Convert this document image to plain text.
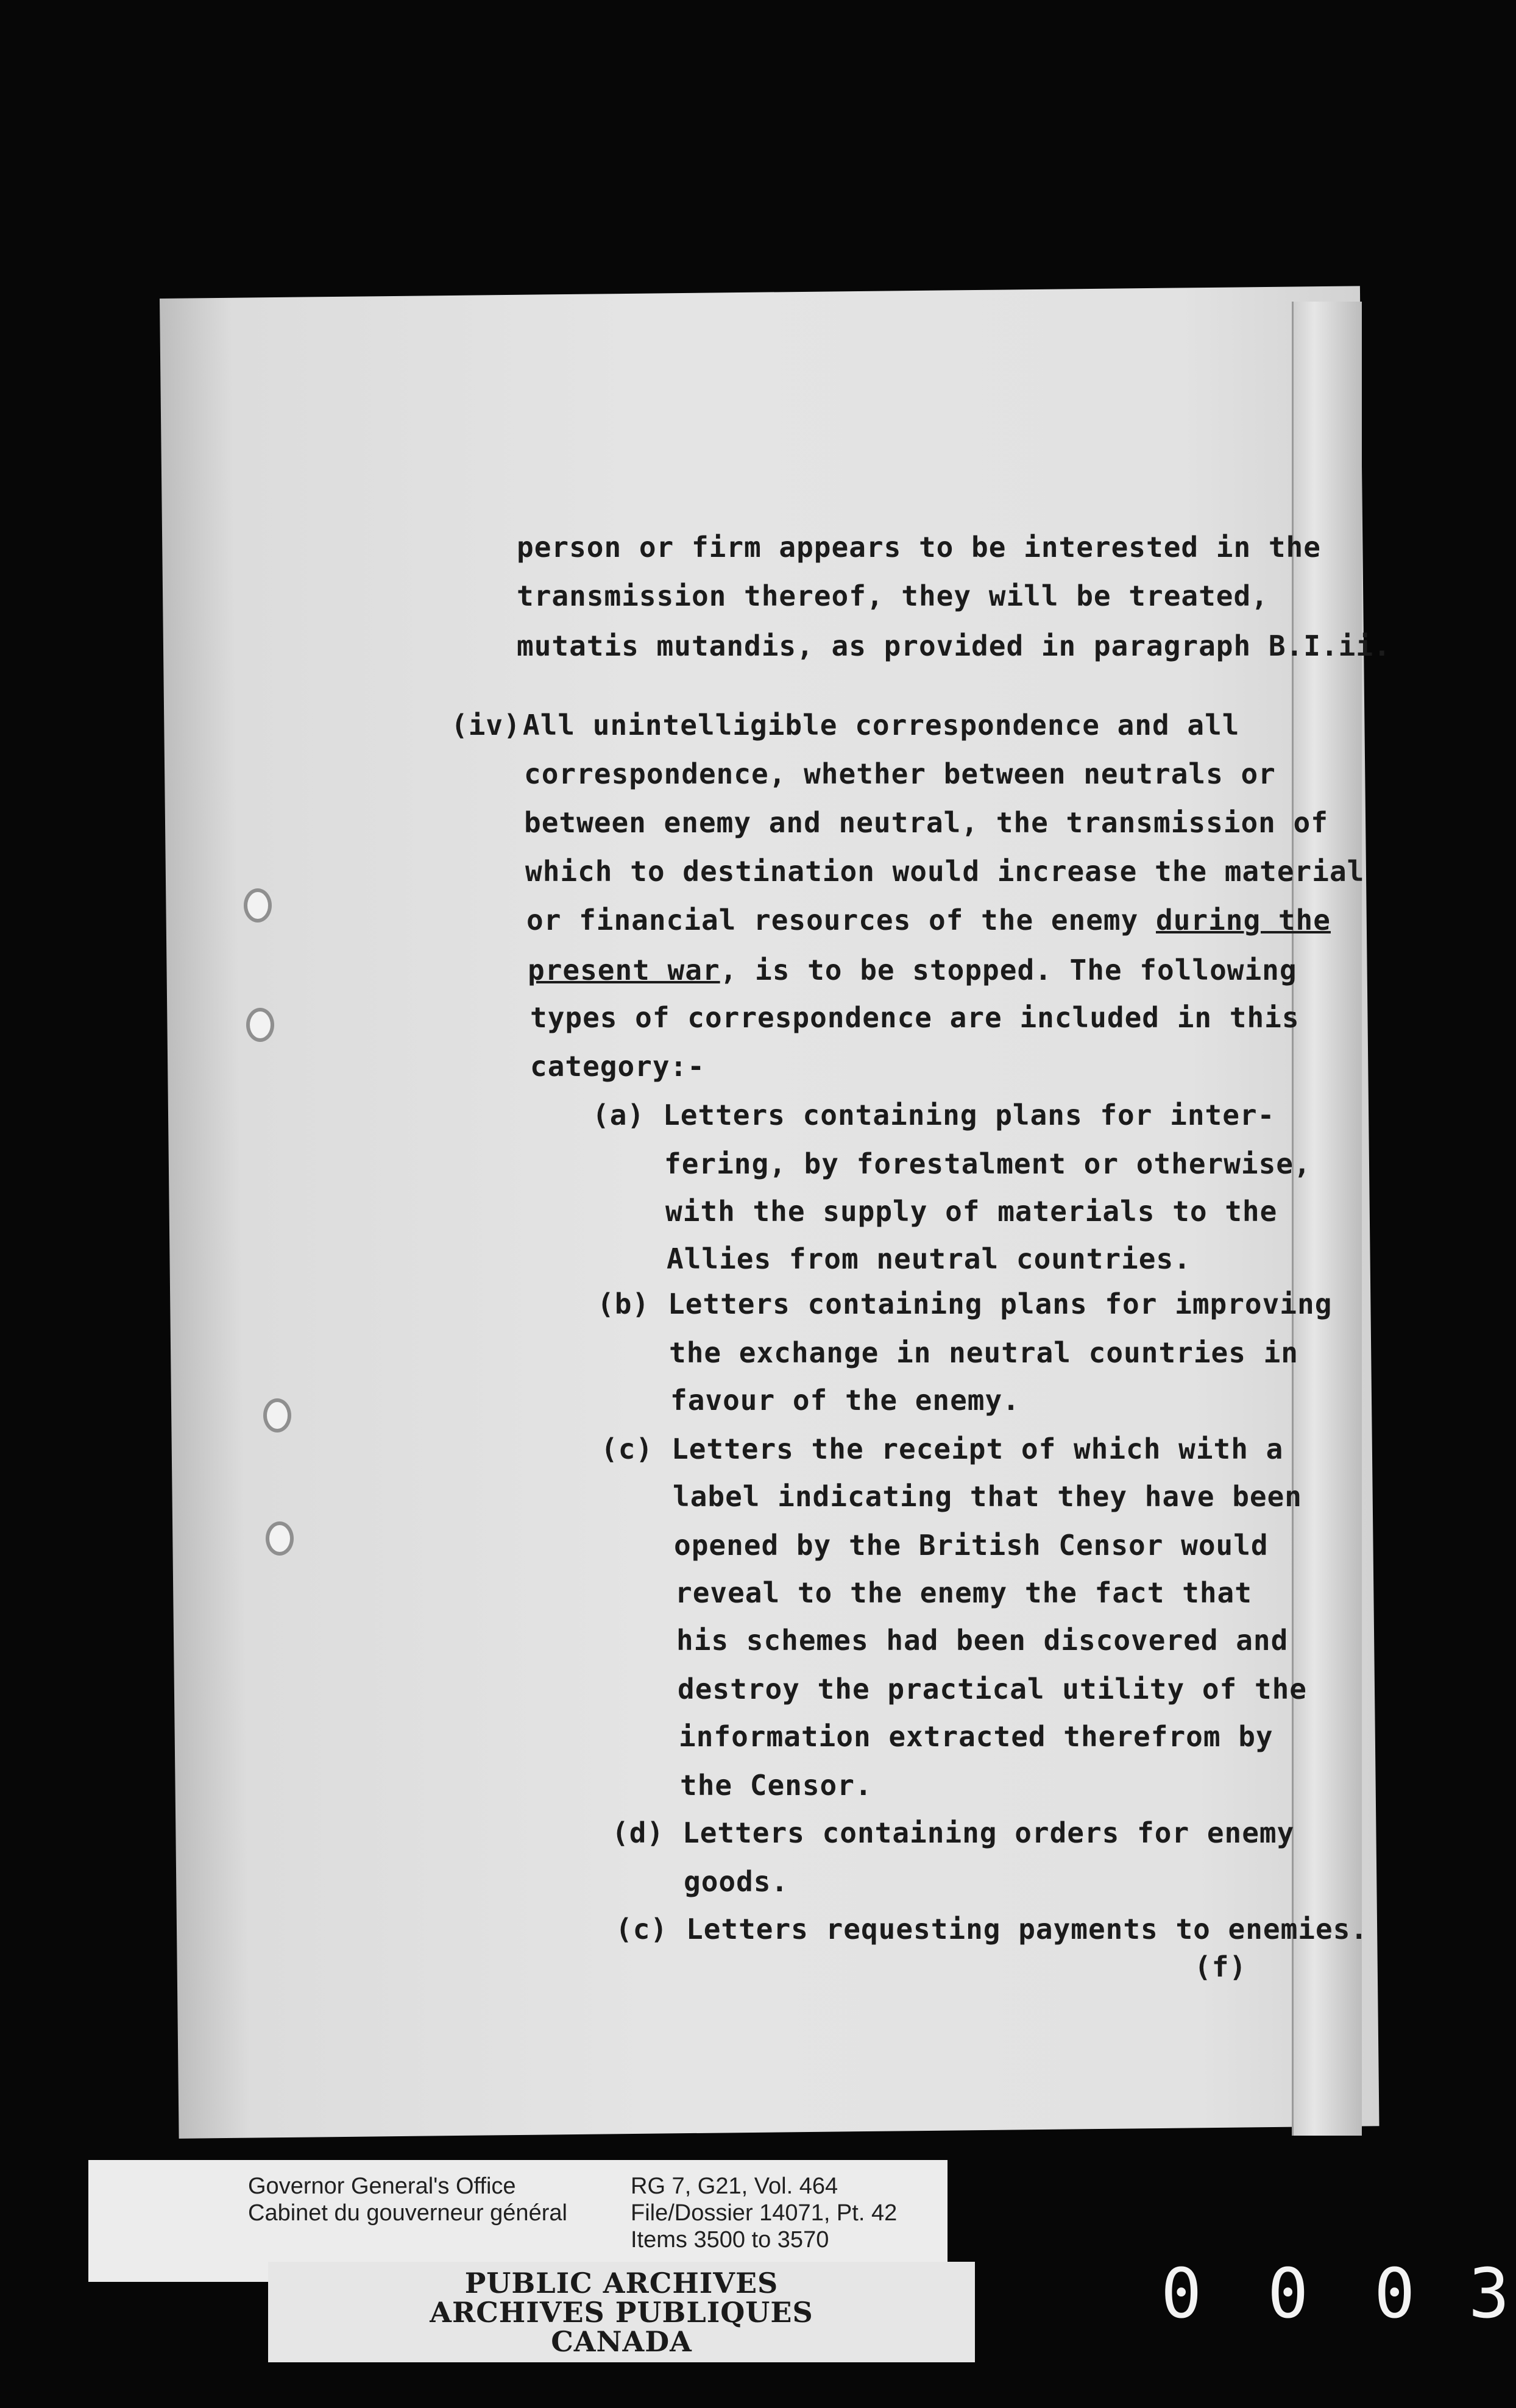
person or firm appears to be interested in the
transmission thereof, they will be treated,
mutatis mutandis, as provided in paragraph B.I.ii.
(iv) All unintelligible correspondence and all
correspondence, whether between neutrals or
between enemy and neutral, the transmission of
which to destination would increase the material
or financial resources of the enemy during the
present war, is to be stopped. The following
types of correspondence are included in this
category:-
(a) Letters containing plans for inter-
fering, by forestalment or otherwise,
with the supply of materials to the
Allies from neutral countries.
(b) Letters containing plans for improving
the exchange in neutral countries in
favour of the enemy.
(c) Letters the receipt of which with a
label indicating that they have been
opened by the British Censor would
reveal to the enemy the fact that
his schemes had been discovered and
destroy the practical utility of the
information extracted therefrom by
the Censor.
(d) Letters containing orders for enemy
goods.
(c) Letters requesting payments to enemies.
(f)
Governor General's Office
Cabinet du gouverneur général
RG 7, G21, Vol. 464
File/Dossier 14071, Pt. 42
Items 3500 to 3570
PUBLIC ARCHIVES
ARCHIVES PUBLIQUES
CANADA
0 0 0 3
